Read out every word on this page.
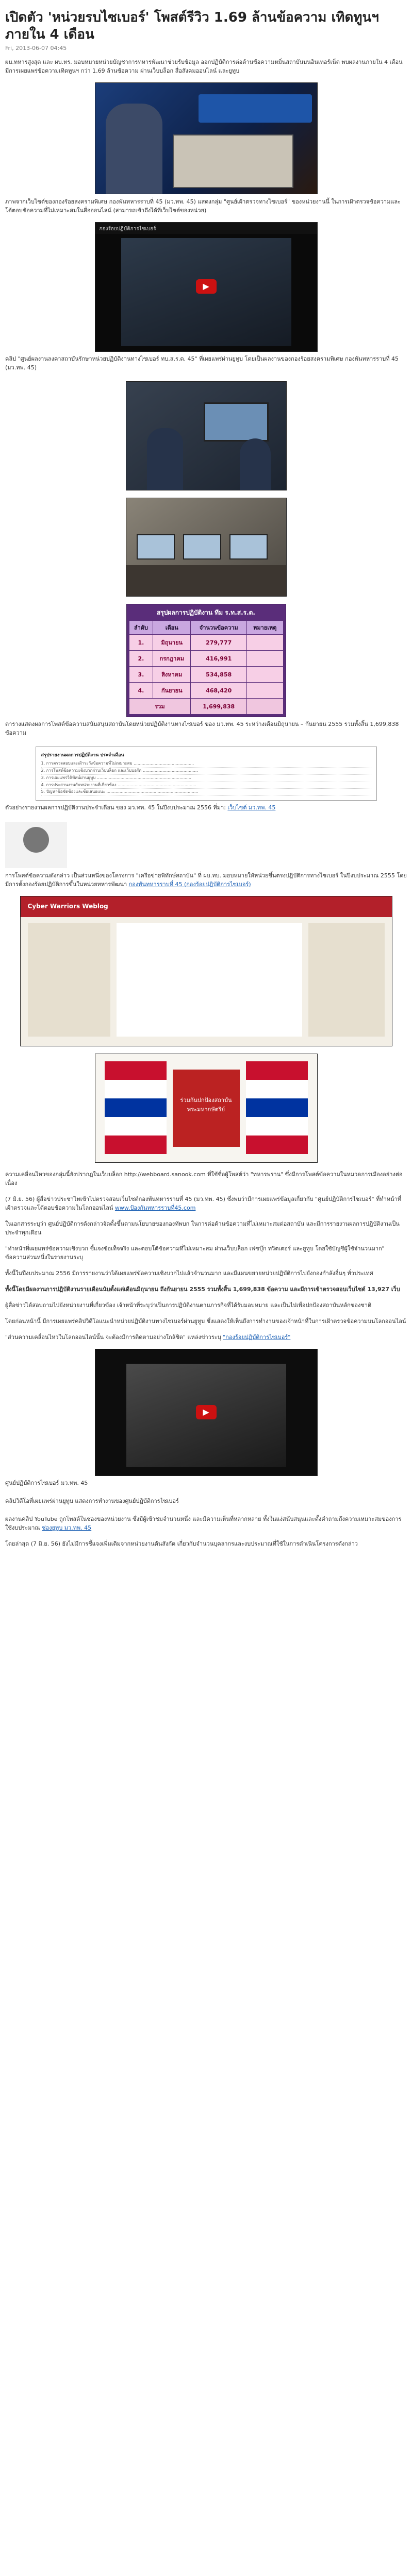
เปิดตัว 'หน่วยรบไซเบอร์' โพสต์รีวิว 1.69 ล้านข้อความ เทิดทูนฯ ภายใน 4 เดือน
Fri, 2013-06-07 04:45

ผบ.ทหารสูงสุด และ ผบ.ทร. มอบหมายหน่วยบัญชาการทหารพัฒนาช่วยรับข้อมูล ออกปฏิบัติการต่อต้านข้อความหมิ่นสถาบันบนอินเทอร์เน็ต พบผลงานภายใน 4 เดือน มีการเผยแพร่ข้อความเทิดทูนฯ กว่า 1.69 ล้านข้อความ ผ่านเว็บบล็อก สื่อสังคมออนไลน์ และยูทูบ

ภาพจากเว็บไซต์ของกองร้อยสงครามพิเศษ กองพันทหารราบที่ 45 (มว.ทพ. 45) แสดงกลุ่ม "ศูนย์เฝ้าตรวจทางไซเบอร์" ของหน่วยงานนี้ ในการเฝ้าตรวจข้อความและโต้ตอบข้อความที่ไม่เหมาะสมในสื่อออนไลน์ (สามารถเข้าถึงได้ที่เว็บไซต์ของหน่วย)

กองร้อยปฏิบัติการไซเบอร์
▶

คลิป "ศูนย์ผลงานลงคาสถาบันรักษาหน่วยปฏิบัติงานทางไซเบอร์ ทบ.ส.ร.ต. 45" ที่เผยแพร่ผ่านยูทูบ โดยเป็นผลงานของกองร้อยสงครามพิเศษ กองพันทหารราบที่ 45 (มว.ทพ. 45)

สรุปผลการปฏิบัติงาน ทีม ร.ท.ส.ร.ต.
ลำดับ	เดือน	จำนวนข้อความ	หมายเหตุ
1.	มิถุนายน	279,777	
2.	กรกฎาคม	416,991	
3.	สิงหาคม	534,858	
4.	กันยายน	468,420	
รวม		1,699,838	

ตารางแสดงผลการโพสต์ข้อความสนับสนุนสถาบันโดยหน่วยปฏิบัติงานทางไซเบอร์ ของ มว.ทพ. 45 ระหว่างเดือนมิถุนายน – กันยายน 2555 รวมทั้งสิ้น 1,699,838 ข้อความ

สรุปรายงานผลการปฏิบัติงาน ประจำเดือน
1. การตรวจสอบและเฝ้าระวังข้อความที่ไม่เหมาะสม ..............................................
2. การโพสต์ข้อความเชิงบวกผ่านเว็บบล็อก และเว็บบอร์ด ..........................................
3. การเผยแพร่วีดิทัศน์ผ่านยูทูบ ........................................................................
4. การประสานงานกับหน่วยงานที่เกี่ยวข้อง ............................................................
5. ปัญหาข้อขัดข้องและข้อเสนอแนะ ......................................................................

ตัวอย่างรายงานผลการปฏิบัติงานประจำเดือน ของ มว.ทพ. 45 ในปีงบประมาณ 2556 ที่มา: เว็บไซต์ มว.ทพ. 45

การโพสต์ข้อความดังกล่าว เป็นส่วนหนึ่งของโครงการ "เครือข่ายพิทักษ์สถาบัน" ที่ ผบ.ทบ. มอบหมายให้หน่วยขึ้นตรงปฏิบัติการทางไซเบอร์ ในปีงบประมาณ 2555 โดยมีการตั้งกองร้อยปฏิบัติการขึ้นในหน่วยทหารพัฒนา กองพันทหารราบที่ 45 (กองร้อยปฏิบัติการไซเบอร์)

Cyber Warriors Weblog
ร่วมกันปกป้องสถาบันพระมหากษัตริย์

ความเคลื่อนไหวของกลุ่มนี้ยังปรากฏในเว็บบล็อก http://webboard.sanook.com ที่ใช้ชื่อผู้โพสต์ว่า "ทหารพราน" ซึ่งมีการโพสต์ข้อความในหมวดการเมืองอย่างต่อเนื่อง

(7 มิ.ย. 56) ผู้สื่อข่าวประชาไทเข้าไปตรวจสอบเว็บไซต์กองพันทหารราบที่ 45 (มว.ทพ. 45) ซึ่งพบว่ามีการเผยแพร่ข้อมูลเกี่ยวกับ "ศูนย์ปฏิบัติการไซเบอร์" ที่ทำหน้าที่เฝ้าตรวจและโต้ตอบข้อความในโลกออนไลน์ www.ป้องกันทหารราบที่45.com

ในเอกสารระบุว่า ศูนย์ปฏิบัติการดังกล่าวจัดตั้งขึ้นตามนโยบายของกองทัพบก ในการต่อต้านข้อความที่ไม่เหมาะสมต่อสถาบัน และมีการรายงานผลการปฏิบัติงานเป็นประจำทุกเดือน

"ทำหน้าที่เผยแพร่ข้อความเชิงบวก ชี้แจงข้อเท็จจริง และตอบโต้ข้อความที่ไม่เหมาะสม ผ่านเว็บบล็อก เฟซบุ๊ก ทวิตเตอร์ และยูทูบ โดยใช้บัญชีผู้ใช้จำนวนมาก" ข้อความส่วนหนึ่งในรายงานระบุ

ทั้งนี้ในปีงบประมาณ 2556 มีการรายงานว่าได้เผยแพร่ข้อความเชิงบวกไปแล้วจำนวนมาก และมีแผนขยายหน่วยปฏิบัติการไปยังกองกำลังอื่นๆ ทั่วประเทศ

ทั้งนี้โดยมีผลงานการปฏิบัติงานรายเดือนนับตั้งแต่เดือนมิถุนายน ถึงกันยายน 2555 รวมทั้งสิ้น 1,699,838 ข้อความ และมีการเข้าตรวจสอบเว็บไซต์ 13,927 เว็บ

ผู้สื่อข่าวได้สอบถามไปยังหน่วยงานที่เกี่ยวข้อง เจ้าหน้าที่ระบุว่าเป็นการปฏิบัติงานตามภารกิจที่ได้รับมอบหมาย และเป็นไปเพื่อปกป้องสถาบันหลักของชาติ

โดยก่อนหน้านี้ มีการเผยแพร่คลิปวิดีโอแนะนำหน่วยปฏิบัติงานทางไซเบอร์ผ่านยูทูบ ซึ่งแสดงให้เห็นถึงการทำงานของเจ้าหน้าที่ในการเฝ้าตรวจข้อความบนโลกออนไลน์

"ส่วนความเคลื่อนไหวในโลกออนไลน์นั้น จะต้องมีการติดตามอย่างใกล้ชิด" แหล่งข่าวระบุ "กองร้อยปฏิบัติการไซเบอร์"

▶

ศูนย์ปฏิบัติการไซเบอร์ มว.ทพ. 45

คลิปวิดีโอที่เผยแพร่ผ่านยูทูบ แสดงการทำงานของศูนย์ปฏิบัติการไซเบอร์

ผลงานคลิป YouTube ถูกโพสต์ในช่องของหน่วยงาน ซึ่งมีผู้เข้าชมจำนวนหนึ่ง และมีความเห็นที่หลากหลาย ทั้งในแง่สนับสนุนและตั้งคำถามถึงความเหมาะสมของการใช้งบประมาณ ช่องยูทูบ มว.ทพ. 45

โดยล่าสุด (7 มิ.ย. 56) ยังไม่มีการชี้แจงเพิ่มเติมจากหน่วยงานต้นสังกัด เกี่ยวกับจำนวนบุคลากรและงบประมาณที่ใช้ในการดำเนินโครงการดังกล่าว
